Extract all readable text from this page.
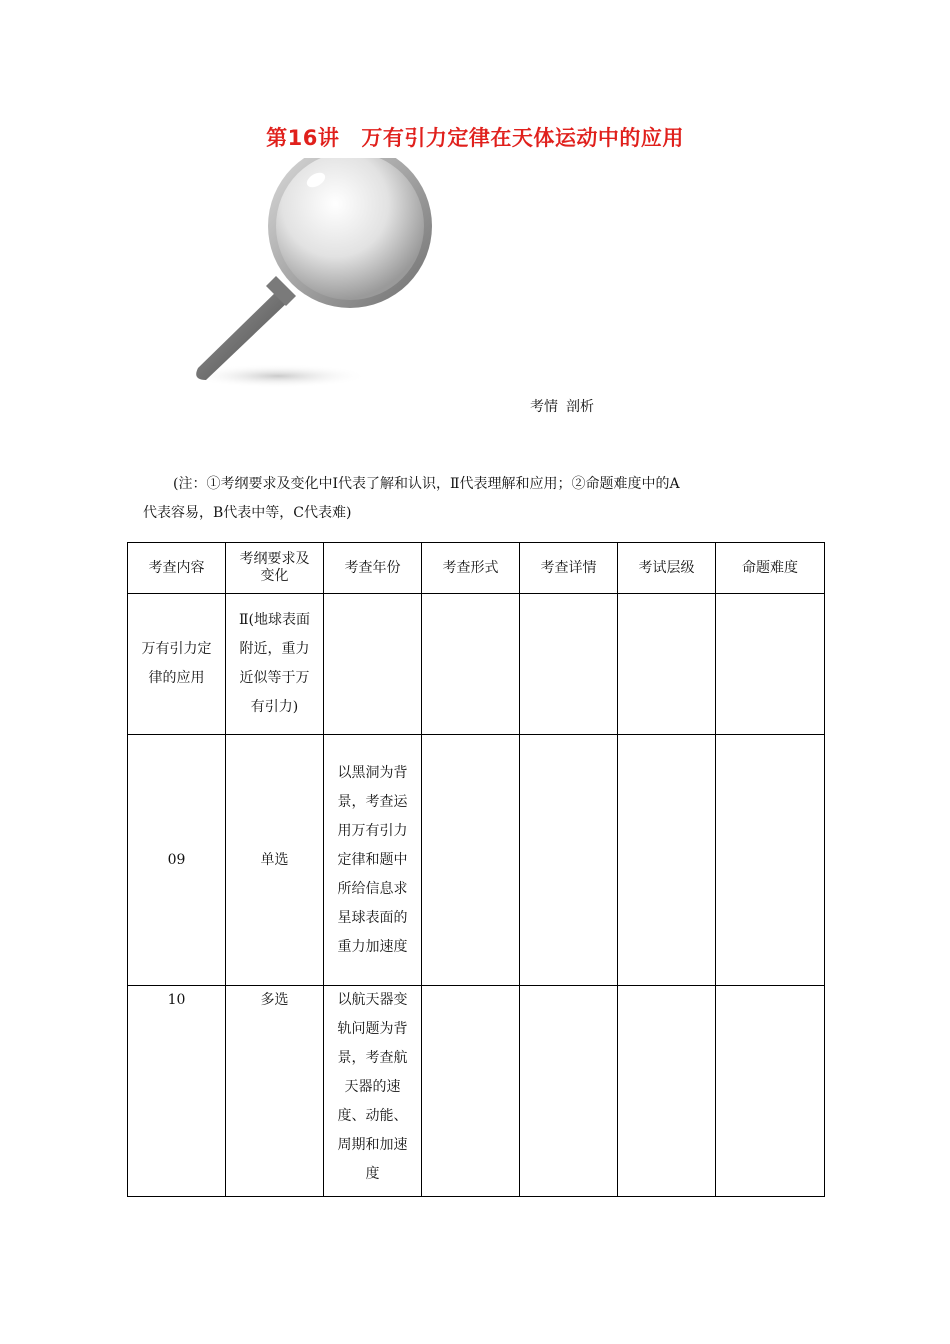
第16讲 万有引力定律在天体运动中的应用
考情 剖析

(注：①考纲要求及变化中Ⅰ代表了解和认识，Ⅱ代表理解和应用；②命题难度中的A

代表容易，B代表中等，C代表难)

考查内容	考纲要求及变化	考查年份	考查形式	考查详情	考试层级	命题难度
万有引力定律的应用	Ⅱ(地球表面附近，重力近似等于万有引力)					
09	单选	以黑洞为背景，考查运用万有引力定律和题中所给信息求星球表面的重力加速度				
10	多选	以航天器变轨问题为背景，考查航天器的速度、动能、周期和加速度				
